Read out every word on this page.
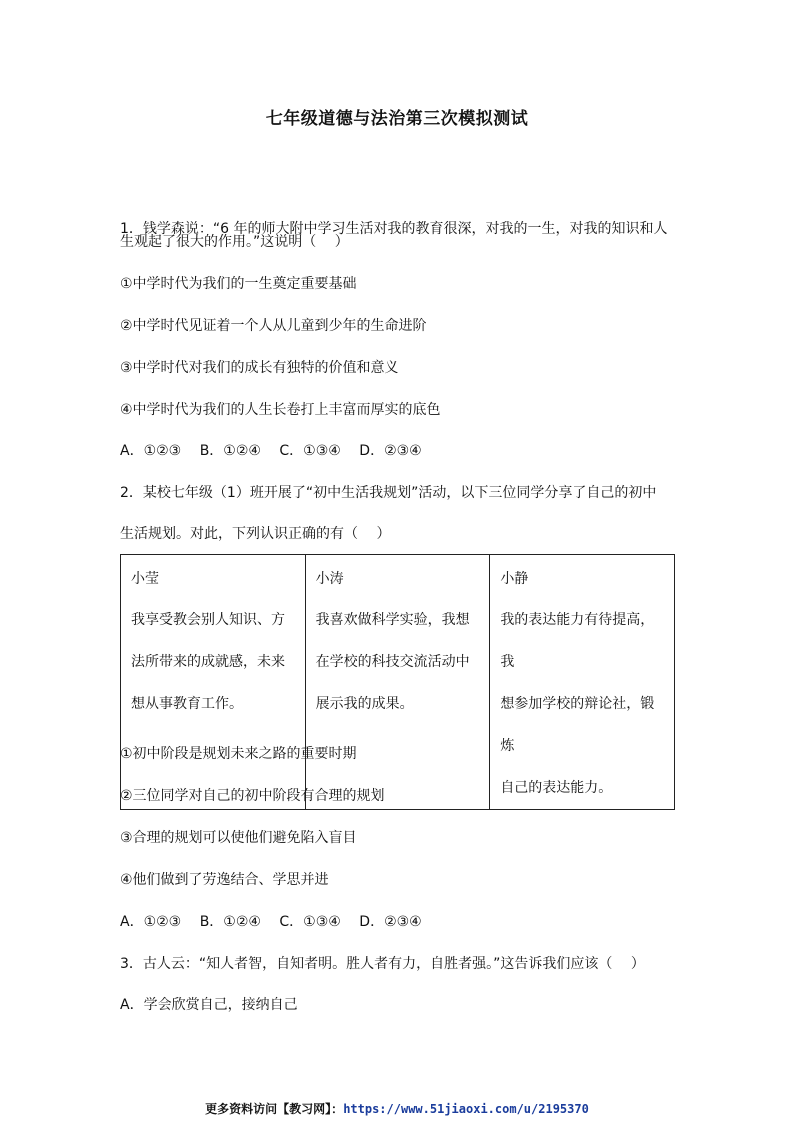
七年级道德与法治第三次模拟测试
1．钱学森说：“6 年的师大附中学习生活对我的教育很深，对我的一生，对我的知识和人
生观起了很大的作用。”这说明（　 ）
①中学时代为我们的一生奠定重要基础
②中学时代见证着一个人从儿童到少年的生命进阶
③中学时代对我们的成长有独特的价值和意义
④中学时代为我们的人生长卷打上丰富而厚实的底色
A．①②③ B．①②④ C．①③④ D．②③④
2．某校七年级（1）班开展了“初中生活我规划”活动，以下三位同学分享了自己的初中
生活规划。对此，下列认识正确的有（　 ）
小莹
我享受教会别人知识、方
法所带来的成就感，未来
想从事教育工作。

小涛
我喜欢做科学实验，我想
在学校的科技交流活动中
展示我的成果。

小静
我的表达能力有待提高，我
想参加学校的辩论社，锻炼
自己的表达能力。
①初中阶段是规划未来之路的重要时期
②三位同学对自己的初中阶段有合理的规划
③合理的规划可以使他们避免陷入盲目
④他们做到了劳逸结合、学思并进
A．①②③ B．①②④ C．①③④ D．②③④
3．古人云：“知人者智，自知者明。胜人者有力，自胜者强。”这告诉我们应该（　 ）
A．学会欣赏自己，接纳自己
更多资料访问【教习网】：https://www.51jiaoxi.com/u/2195370
